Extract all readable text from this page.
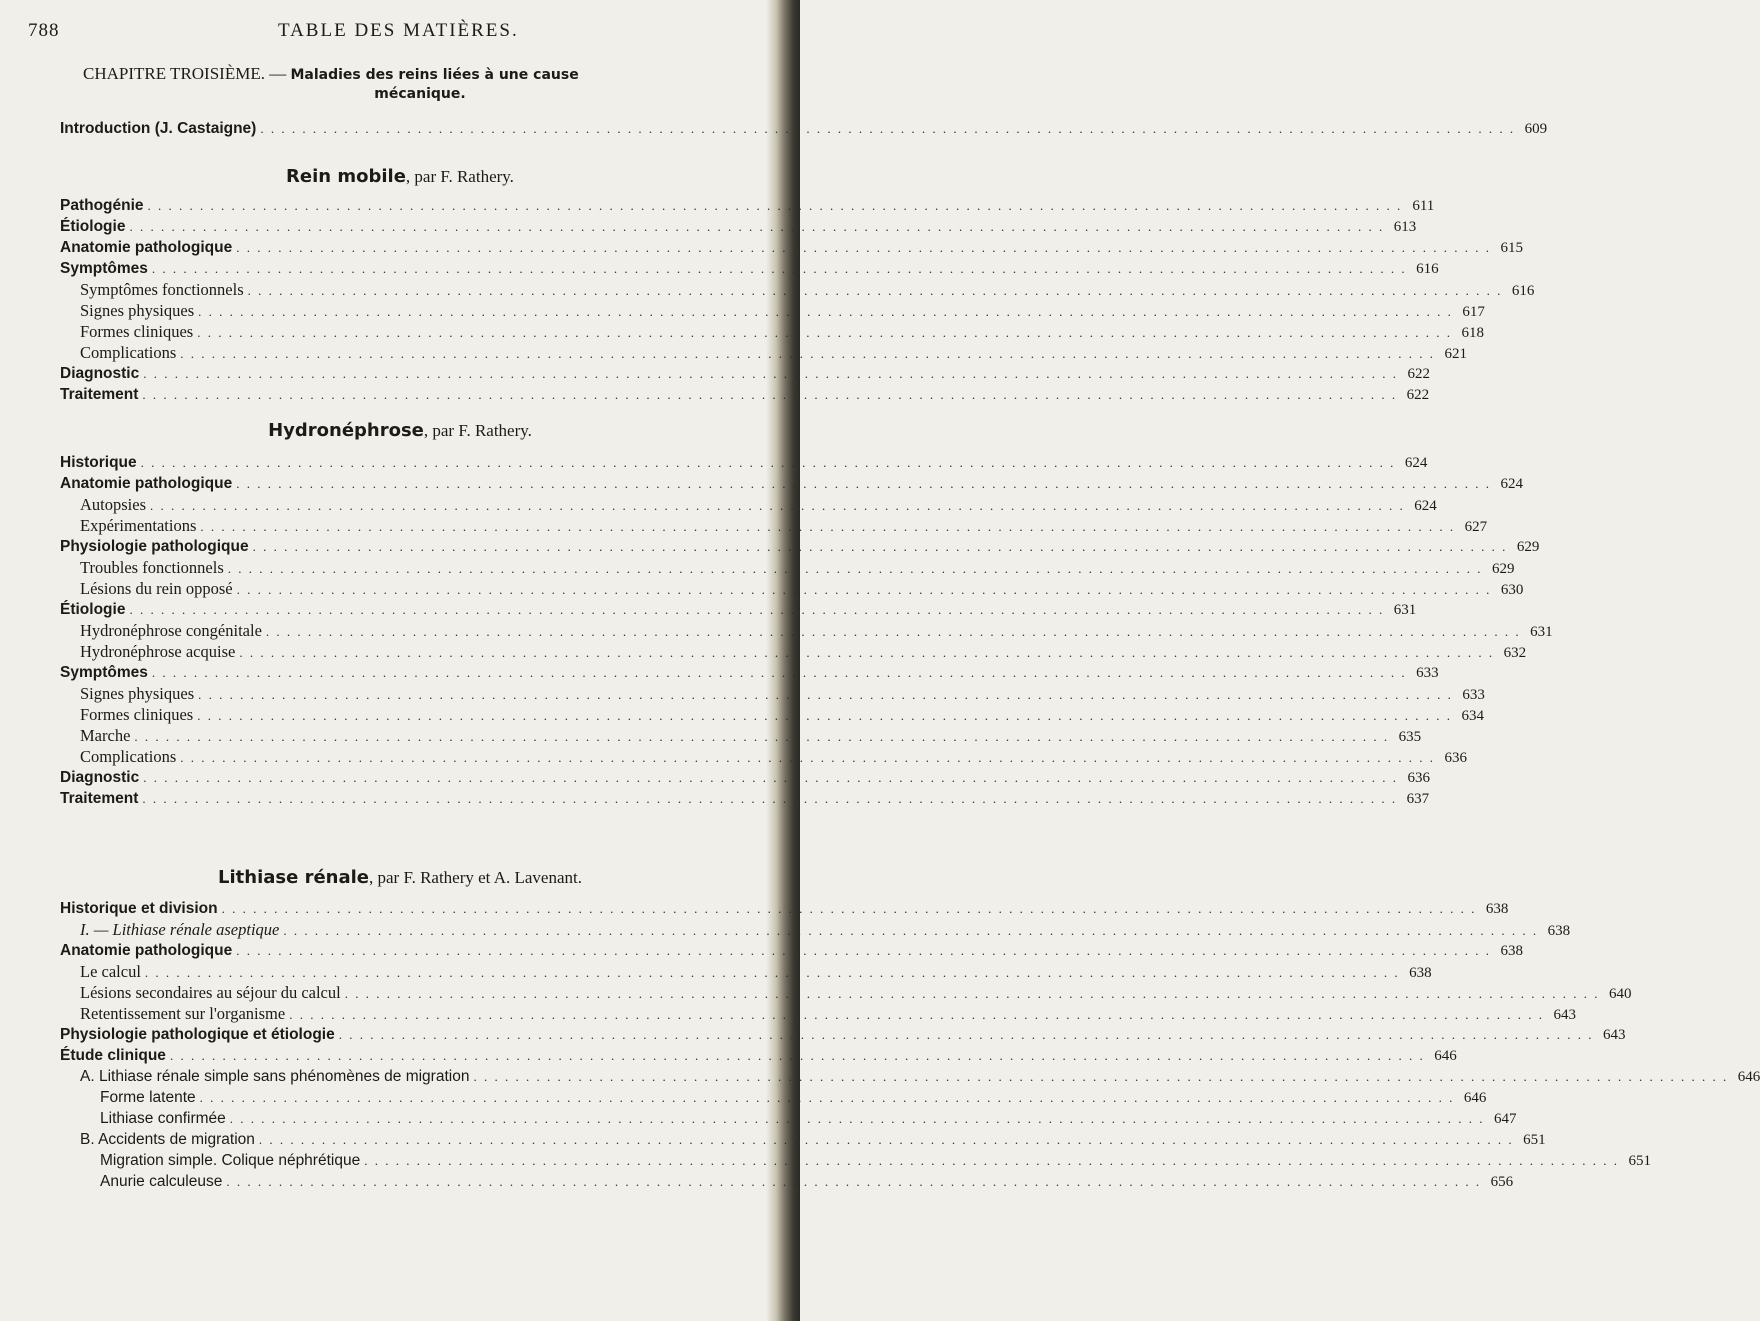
788	TABLE DES MATIÈRES.
CHAPITRE TROISIÈME. — Maladies des reins liées à une cause
mécanique.
Introduction (J. Castaigne) . . . . . . . . . . . . . . . . . . . . . . . . . . . . . . . . . . . . . . . . . . . . . . . . . . . . . . . . . . . . . . . . . . . . . . . . . . . . . . . . . . . . . . . . . . . . . . . . . . . . . . . . . . . . . . . . . . . . . . . . 609
Rein mobile, par F. Rathery.
Pathogénie . . . . . . . . . . . . . . . . . . . . . . . . . . . . . . . . . . . . . . . . . . . . . . . . . . . . . . . . . . . . . . . . . . . . . . . . . . . . . . . . . . . . . . . . . . . . . . . . . . . . . . . . . . . . . . . . . . . . . . . . 611
Étiologie . . . . . . . . . . . . . . . . . . . . . . . . . . . . . . . . . . . . . . . . . . . . . . . . . . . . . . . . . . . . . . . . . . . . . . . . . . . . . . . . . . . . . . . . . . . . . . . . . . . . . . . . . . . . . . . . . . . . . . . . 613
Anatomie pathologique . . . . . . . . . . . . . . . . . . . . . . . . . . . . . . . . . . . . . . . . . . . . . . . . . . . . . . . . . . . . . . . . . . . . . . . . . . . . . . . . . . . . . . . . . . . . . . . . . . . . . . . . . . . . . . . . . . . . . . . . 615
Symptômes . . . . . . . . . . . . . . . . . . . . . . . . . . . . . . . . . . . . . . . . . . . . . . . . . . . . . . . . . . . . . . . . . . . . . . . . . . . . . . . . . . . . . . . . . . . . . . . . . . . . . . . . . . . . . . . . . . . . . . . . 616
Symptômes fonctionnels . . . . . . . . . . . . . . . . . . . . . . . . . . . . . . . . . . . . . . . . . . . . . . . . . . . . . . . . . . . . . . . . . . . . . . . . . . . . . . . . . . . . . . . . . . . . . . . . . . . . . . . . . . . . . . . . . . . . . . . . 616
Signes physiques . . . . . . . . . . . . . . . . . . . . . . . . . . . . . . . . . . . . . . . . . . . . . . . . . . . . . . . . . . . . . . . . . . . . . . . . . . . . . . . . . . . . . . . . . . . . . . . . . . . . . . . . . . . . . . . . . . . . . . . . 617
Formes cliniques . . . . . . . . . . . . . . . . . . . . . . . . . . . . . . . . . . . . . . . . . . . . . . . . . . . . . . . . . . . . . . . . . . . . . . . . . . . . . . . . . . . . . . . . . . . . . . . . . . . . . . . . . . . . . . . . . . . . . . . . 618
Complications . . . . . . . . . . . . . . . . . . . . . . . . . . . . . . . . . . . . . . . . . . . . . . . . . . . . . . . . . . . . . . . . . . . . . . . . . . . . . . . . . . . . . . . . . . . . . . . . . . . . . . . . . . . . . . . . . . . . . . . . 621
Diagnostic . . . . . . . . . . . . . . . . . . . . . . . . . . . . . . . . . . . . . . . . . . . . . . . . . . . . . . . . . . . . . . . . . . . . . . . . . . . . . . . . . . . . . . . . . . . . . . . . . . . . . . . . . . . . . . . . . . . . . . . . 622
Traitement . . . . . . . . . . . . . . . . . . . . . . . . . . . . . . . . . . . . . . . . . . . . . . . . . . . . . . . . . . . . . . . . . . . . . . . . . . . . . . . . . . . . . . . . . . . . . . . . . . . . . . . . . . . . . . . . . . . . . . . . 622
Hydronéphrose, par F. Rathery.
Historique . . . . . . . . . . . . . . . . . . . . . . . . . . . . . . . . . . . . . . . . . . . . . . . . . . . . . . . . . . . . . . . . . . . . . . . . . . . . . . . . . . . . . . . . . . . . . . . . . . . . . . . . . . . . . . . . . . . . . . . . 624
Anatomie pathologique . . . . . . . . . . . . . . . . . . . . . . . . . . . . . . . . . . . . . . . . . . . . . . . . . . . . . . . . . . . . . . . . . . . . . . . . . . . . . . . . . . . . . . . . . . . . . . . . . . . . . . . . . . . . . . . . . . . . . . . . 624
Autopsies . . . . . . . . . . . . . . . . . . . . . . . . . . . . . . . . . . . . . . . . . . . . . . . . . . . . . . . . . . . . . . . . . . . . . . . . . . . . . . . . . . . . . . . . . . . . . . . . . . . . . . . . . . . . . . . . . . . . . . . . 624
Expérimentations . . . . . . . . . . . . . . . . . . . . . . . . . . . . . . . . . . . . . . . . . . . . . . . . . . . . . . . . . . . . . . . . . . . . . . . . . . . . . . . . . . . . . . . . . . . . . . . . . . . . . . . . . . . . . . . . . . . . . . . . 627
Physiologie pathologique . . . . . . . . . . . . . . . . . . . . . . . . . . . . . . . . . . . . . . . . . . . . . . . . . . . . . . . . . . . . . . . . . . . . . . . . . . . . . . . . . . . . . . . . . . . . . . . . . . . . . . . . . . . . . . . . . . . . . . . . 629
Troubles fonctionnels . . . . . . . . . . . . . . . . . . . . . . . . . . . . . . . . . . . . . . . . . . . . . . . . . . . . . . . . . . . . . . . . . . . . . . . . . . . . . . . . . . . . . . . . . . . . . . . . . . . . . . . . . . . . . . . . . . . . . . . . 629
Lésions du rein opposé . . . . . . . . . . . . . . . . . . . . . . . . . . . . . . . . . . . . . . . . . . . . . . . . . . . . . . . . . . . . . . . . . . . . . . . . . . . . . . . . . . . . . . . . . . . . . . . . . . . . . . . . . . . . . . . . . . . . . . . . 630
Étiologie . . . . . . . . . . . . . . . . . . . . . . . . . . . . . . . . . . . . . . . . . . . . . . . . . . . . . . . . . . . . . . . . . . . . . . . . . . . . . . . . . . . . . . . . . . . . . . . . . . . . . . . . . . . . . . . . . . . . . . . . 631
Hydronéphrose congénitale . . . . . . . . . . . . . . . . . . . . . . . . . . . . . . . . . . . . . . . . . . . . . . . . . . . . . . . . . . . . . . . . . . . . . . . . . . . . . . . . . . . . . . . . . . . . . . . . . . . . . . . . . . . . . . . . . . . . . . . . 631
Hydronéphrose acquise . . . . . . . . . . . . . . . . . . . . . . . . . . . . . . . . . . . . . . . . . . . . . . . . . . . . . . . . . . . . . . . . . . . . . . . . . . . . . . . . . . . . . . . . . . . . . . . . . . . . . . . . . . . . . . . . . . . . . . . . 632
Symptômes . . . . . . . . . . . . . . . . . . . . . . . . . . . . . . . . . . . . . . . . . . . . . . . . . . . . . . . . . . . . . . . . . . . . . . . . . . . . . . . . . . . . . . . . . . . . . . . . . . . . . . . . . . . . . . . . . . . . . . . . 633
Signes physiques . . . . . . . . . . . . . . . . . . . . . . . . . . . . . . . . . . . . . . . . . . . . . . . . . . . . . . . . . . . . . . . . . . . . . . . . . . . . . . . . . . . . . . . . . . . . . . . . . . . . . . . . . . . . . . . . . . . . . . . . 633
Formes cliniques . . . . . . . . . . . . . . . . . . . . . . . . . . . . . . . . . . . . . . . . . . . . . . . . . . . . . . . . . . . . . . . . . . . . . . . . . . . . . . . . . . . . . . . . . . . . . . . . . . . . . . . . . . . . . . . . . . . . . . . . 634
Marche . . . . . . . . . . . . . . . . . . . . . . . . . . . . . . . . . . . . . . . . . . . . . . . . . . . . . . . . . . . . . . . . . . . . . . . . . . . . . . . . . . . . . . . . . . . . . . . . . . . . . . . . . . . . . . . . . . . . . . . . 635
Complications . . . . . . . . . . . . . . . . . . . . . . . . . . . . . . . . . . . . . . . . . . . . . . . . . . . . . . . . . . . . . . . . . . . . . . . . . . . . . . . . . . . . . . . . . . . . . . . . . . . . . . . . . . . . . . . . . . . . . . . . 636
Diagnostic . . . . . . . . . . . . . . . . . . . . . . . . . . . . . . . . . . . . . . . . . . . . . . . . . . . . . . . . . . . . . . . . . . . . . . . . . . . . . . . . . . . . . . . . . . . . . . . . . . . . . . . . . . . . . . . . . . . . . . . . 636
Traitement . . . . . . . . . . . . . . . . . . . . . . . . . . . . . . . . . . . . . . . . . . . . . . . . . . . . . . . . . . . . . . . . . . . . . . . . . . . . . . . . . . . . . . . . . . . . . . . . . . . . . . . . . . . . . . . . . . . . . . . . 637
Lithiase rénale, par F. Rathery et A. Lavenant.
Historique et division . . . . . . . . . . . . . . . . . . . . . . . . . . . . . . . . . . . . . . . . . . . . . . . . . . . . . . . . . . . . . . . . . . . . . . . . . . . . . . . . . . . . . . . . . . . . . . . . . . . . . . . . . . . . . . . . . . . . . . . . 638
I. — Lithiase rénale aseptique . . . . . . . . . . . . . . . . . . . . . . . . . . . . . . . . . . . . . . . . . . . . . . . . . . . . . . . . . . . . . . . . . . . . . . . . . . . . . . . . . . . . . . . . . . . . . . . . . . . . . . . . . . . . . . . . . . . . . . . . 638
Anatomie pathologique . . . . . . . . . . . . . . . . . . . . . . . . . . . . . . . . . . . . . . . . . . . . . . . . . . . . . . . . . . . . . . . . . . . . . . . . . . . . . . . . . . . . . . . . . . . . . . . . . . . . . . . . . . . . . . . . . . . . . . . . 638
Le calcul . . . . . . . . . . . . . . . . . . . . . . . . . . . . . . . . . . . . . . . . . . . . . . . . . . . . . . . . . . . . . . . . . . . . . . . . . . . . . . . . . . . . . . . . . . . . . . . . . . . . . . . . . . . . . . . . . . . . . . . . 638
Lésions secondaires au séjour du calcul . . . . . . . . . . . . . . . . . . . . . . . . . . . . . . . . . . . . . . . . . . . . . . . . . . . . . . . . . . . . . . . . . . . . . . . . . . . . . . . . . . . . . . . . . . . . . . . . . . . . . . . . . . . . . . . . . . . . . . . . 640
Retentissement sur l'organisme . . . . . . . . . . . . . . . . . . . . . . . . . . . . . . . . . . . . . . . . . . . . . . . . . . . . . . . . . . . . . . . . . . . . . . . . . . . . . . . . . . . . . . . . . . . . . . . . . . . . . . . . . . . . . . . . . . . . . . . . 643
Physiologie pathologique et étiologie . . . . . . . . . . . . . . . . . . . . . . . . . . . . . . . . . . . . . . . . . . . . . . . . . . . . . . . . . . . . . . . . . . . . . . . . . . . . . . . . . . . . . . . . . . . . . . . . . . . . . . . . . . . . . . . . . . . . . . . . 643
Étude clinique . . . . . . . . . . . . . . . . . . . . . . . . . . . . . . . . . . . . . . . . . . . . . . . . . . . . . . . . . . . . . . . . . . . . . . . . . . . . . . . . . . . . . . . . . . . . . . . . . . . . . . . . . . . . . . . . . . . . . . . . 646
A. Lithiase rénale simple sans phénomènes de migration . . . . . . . . . . . . . . . . . . . . . . . . . . . . . . . . . . . . . . . . . . . . . . . . . . . . . . . . . . . . . . . . . . . . . . . . . . . . . . . . . . . . . . . . . . . . . . . . . . . . . . . . . . . . . . . . . . . . . . . . 646
Forme latente . . . . . . . . . . . . . . . . . . . . . . . . . . . . . . . . . . . . . . . . . . . . . . . . . . . . . . . . . . . . . . . . . . . . . . . . . . . . . . . . . . . . . . . . . . . . . . . . . . . . . . . . . . . . . . . . . . . . . . . . 646
Lithiase confirmée . . . . . . . . . . . . . . . . . . . . . . . . . . . . . . . . . . . . . . . . . . . . . . . . . . . . . . . . . . . . . . . . . . . . . . . . . . . . . . . . . . . . . . . . . . . . . . . . . . . . . . . . . . . . . . . . . . . . . . . . 647
B. Accidents de migration . . . . . . . . . . . . . . . . . . . . . . . . . . . . . . . . . . . . . . . . . . . . . . . . . . . . . . . . . . . . . . . . . . . . . . . . . . . . . . . . . . . . . . . . . . . . . . . . . . . . . . . . . . . . . . . . . . . . . . . . 651
Migration simple. Colique néphrétique . . . . . . . . . . . . . . . . . . . . . . . . . . . . . . . . . . . . . . . . . . . . . . . . . . . . . . . . . . . . . . . . . . . . . . . . . . . . . . . . . . . . . . . . . . . . . . . . . . . . . . . . . . . . . . . . . . . . . . . . 651
Anurie calculeuse . . . . . . . . . . . . . . . . . . . . . . . . . . . . . . . . . . . . . . . . . . . . . . . . . . . . . . . . . . . . . . . . . . . . . . . . . . . . . . . . . . . . . . . . . . . . . . . . . . . . . . . . . . . . . . . . . . . . . . . . 656
